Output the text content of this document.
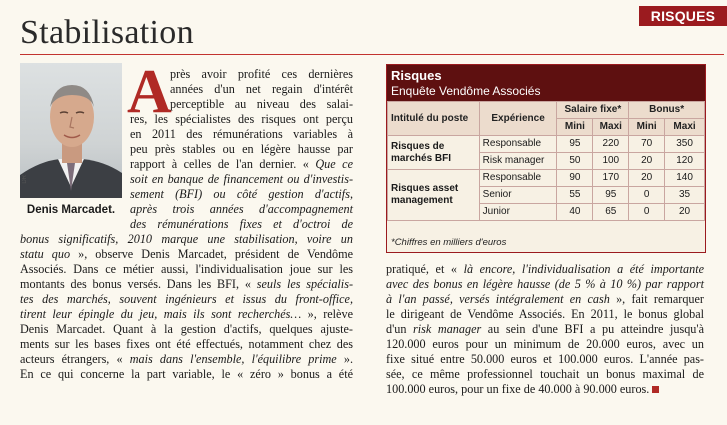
RISQUES
Stabilisation
DR
Denis Marcadet.
A

près avoir profité ces dernières

années d'un net regain d'intérêt

perceptible au niveau des salai-

res, les spécialistes des risques ont perçu

en 2011 des rémunérations variables à

peu près stables ou en légère hausse par

rapport à celles de l'an dernier. « Que ce

soit en banque de financement ou d'investis-

sement (BFI) ou côté gestion d'actifs,

après trois années d'accompagnement

des rémunérations fixes et d'octroi de

bonus significatifs, 2010 marque une stabilisation, voire un

statu quo », observe Denis Marcadet, président de Vendôme

Associés. Dans ce métier aussi, l'individualisation joue sur les

montants des bonus versés. Dans les BFI, « seuls les spécialis-

tes des marchés, souvent ingénieurs et issus du front-office,

tirent leur épingle du jeu, mais ils sont recherchés… », relève

Denis Marcadet. Quant à la gestion d'actifs, quelques ajuste-

ments sur les bases fixes ont été effectués, notamment chez des

acteurs étrangers, « mais dans l'ensemble, l'équilibre prime ».

En ce qui concerne la part variable, le « zéro » bonus a été

Risques
Enquête Vendôme Associés
Intitulé du poste	Expérience	Salaire fixe*		Bonus*	
		Mini	Maxi	Mini	Maxi
Risques de marchés BFI	Responsable	95	220	70	350
	Risk manager	50	100	20	120
Risques asset management	Responsable	90	170	20	140
	Senior	55	95	0	35
	Junior	40	65	0	20
*Chiffres en milliers d'euros

pratiqué, et « là encore, l'individualisation a été importante

avec des bonus en légère hausse (de 5 % à 10 %) par rapport

à l'an passé, versés intégralement en cash », fait remarquer

le dirigeant de Vendôme Associés. En 2011, le bonus global

d'un risk manager au sein d'une BFI a pu atteindre jusqu'à

120.000 euros pour un minimum de 20.000 euros, avec un

fixe situé entre 50.000 euros et 100.000 euros. L'année pas-

sée, ce même professionnel touchait un bonus maximal de

100.000 euros, pour un fixe de 40.000 à 90.000 euros.
